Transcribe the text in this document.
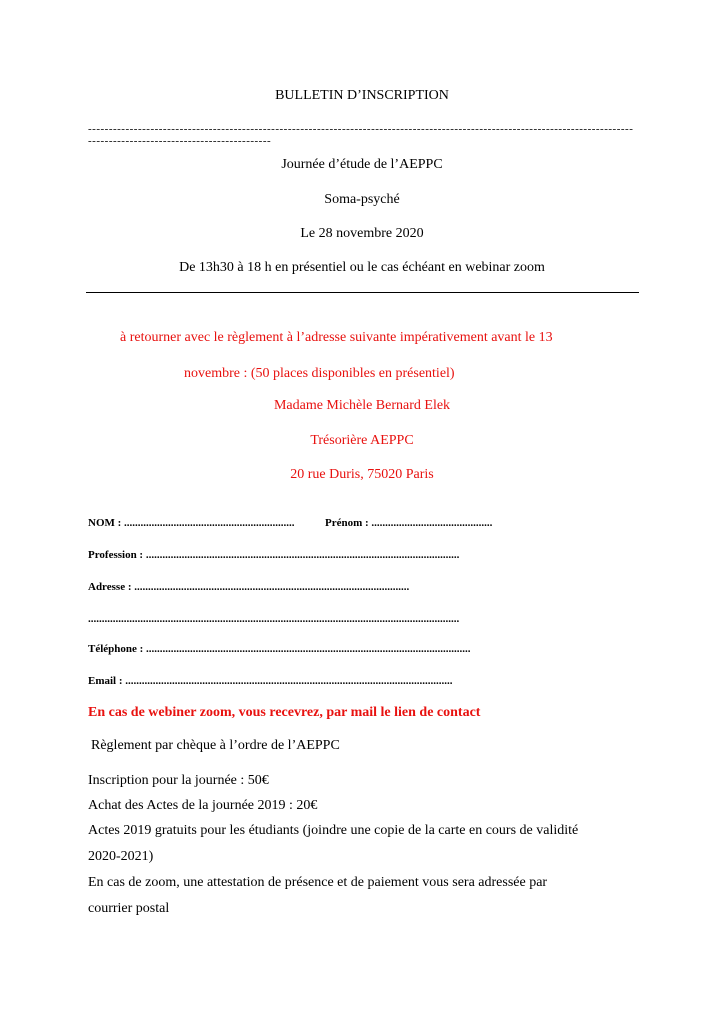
BULLETIN D’INSCRIPTION
-------------------------------------------------------------------------------------------------------------------------------------------------------------------------------
Journée d’étude de l’AEPPC
Soma-psyché
Le 28 novembre 2020
De 13h30 à 18 h en présentiel ou le cas échéant en webinar zoom
à retourner avec le règlement à l’adresse suivante impérativement avant le 13
novembre : (50 places disponibles en présentiel)
Madame Michèle Bernard Elek
Trésorière AEPPC
20 rue Duris, 75020 Paris
NOM : ..............................................................	Prénom : ............................................
Profession : ..................................................................................................................
Adresse : ....................................................................................................
.......................................................................................................................................
Téléphone : ......................................................................................................................
Email : .......................................................................................................................
En cas de webiner zoom, vous recevrez, par mail le lien de contact
Règlement par chèque à l’ordre de l’AEPPC
Inscription pour la journée : 50€
Achat des Actes de la journée 2019 : 20€
Actes 2019 gratuits pour les étudiants (joindre une copie de la carte en cours de validité
2020-2021)
En cas de zoom, une attestation de présence et de paiement vous sera adressée par
courrier postal
